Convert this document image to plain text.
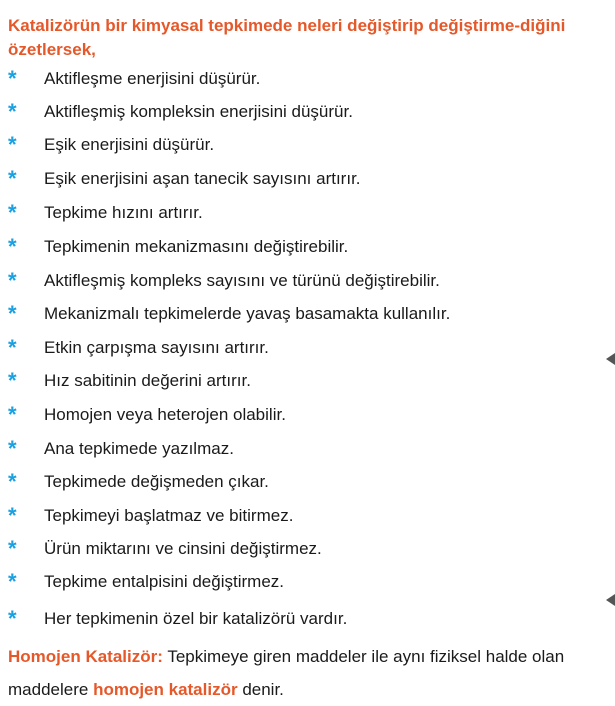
Katalizörün bir kimyasal tepkimede neleri değiştirip değiştirme-diğini özetlersek,
*	Aktifleşme enerjisini düşürür.
*	Aktifleşmiş kompleksin enerjisini düşürür.
*	Eşik enerjisini düşürür.
*	Eşik enerjisini aşan tanecik sayısını artırır.
*	Tepkime hızını artırır.
*	Tepkimenin mekanizmasını değiştirebilir.
*	Aktifleşmiş kompleks sayısını ve türünü değiştirebilir.
*	Mekanizmalı tepkimelerde yavaş basamakta kullanılır.
*	Etkin çarpışma sayısını artırır.
*	Hız sabitinin değerini artırır.
*	Homojen veya heterojen olabilir.
*	Ana tepkimede yazılmaz.
*	Tepkimede değişmeden çıkar.
*	Tepkimeyi başlatmaz ve bitirmez.
*	Ürün miktarını ve cinsini değiştirmez.
*	Tepkime entalpisini değiştirmez.
*	Her tepkimenin özel bir katalizörü vardır.

Homojen Katalizör: Tepkimeye giren maddeler ile aynı fiziksel halde olan maddelere homojen katalizör denir.
